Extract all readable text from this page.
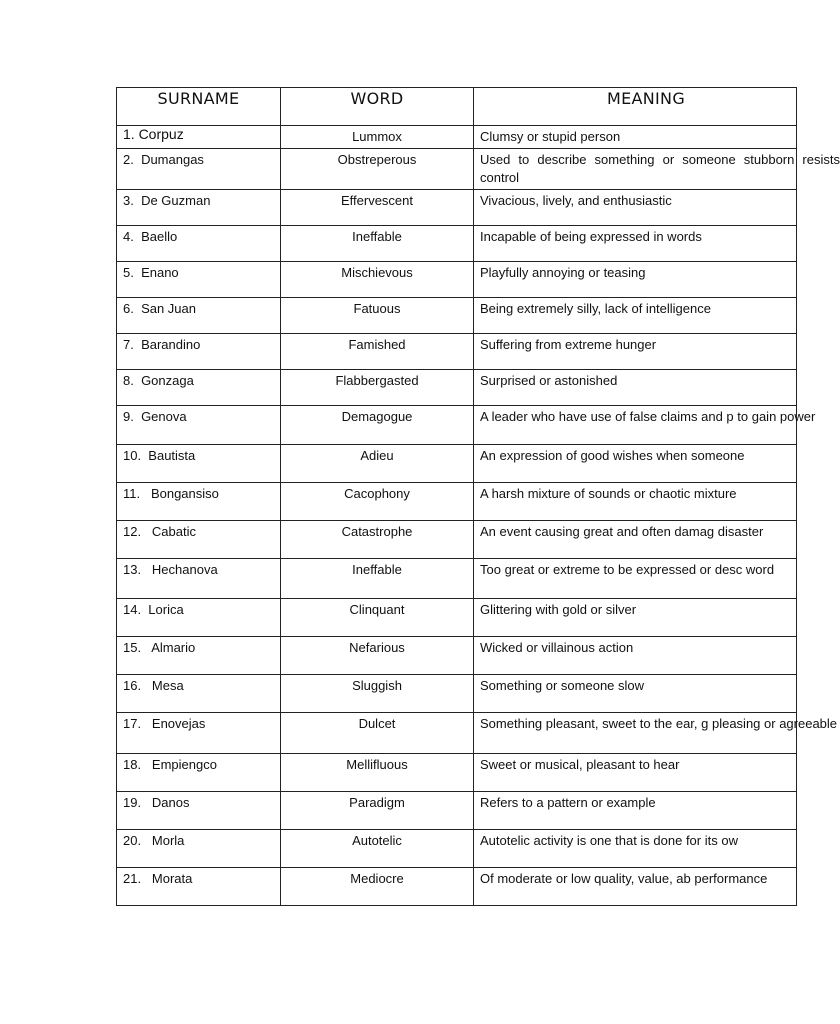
SURNAME	WORD	MEANING
1. Corpuz	Lummox	Clumsy or stupid person

2.  Dumangas	Obstreperous	Used to describe something or someone stubborn resists control

3.  De Guzman	Effervescent	Vivacious, lively, and enthusiastic

4.  Baello	Ineffable	Incapable of being expressed in words

5.  Enano	Mischievous	Playfully annoying or teasing

6.  San Juan	Fatuous	Being extremely silly, lack of intelligence

7.  Barandino	Famished	Suffering from extreme hunger

8.  Gonzaga	Flabbergasted	Surprised or astonished

9.  Genova	Demagogue	A leader who have use of false claims and p to gain power

10.  Bautista	Adieu	An expression of good wishes when someone

11.   Bongansiso	Cacophony	A harsh mixture of sounds or chaotic mixture

12.   Cabatic	Catastrophe	An event causing great and often damag disaster

13.   Hechanova	Ineffable	Too great or extreme to be expressed or desc word

14.  Lorica	Clinquant	Glittering with gold or silver

15.   Almario	Nefarious	Wicked or villainous action

16.   Mesa	Sluggish	Something or someone slow

17.   Enovejas	Dulcet	Something pleasant, sweet to the ear, g pleasing or agreeable

18.   Empiengco	Mellifluous	Sweet or musical, pleasant to hear

19.   Danos	Paradigm	Refers to a pattern or example

20.   Morla	Autotelic	Autotelic activity is one that is done for its ow

21.   Morata	Mediocre	Of moderate or low quality, value, ab performance
